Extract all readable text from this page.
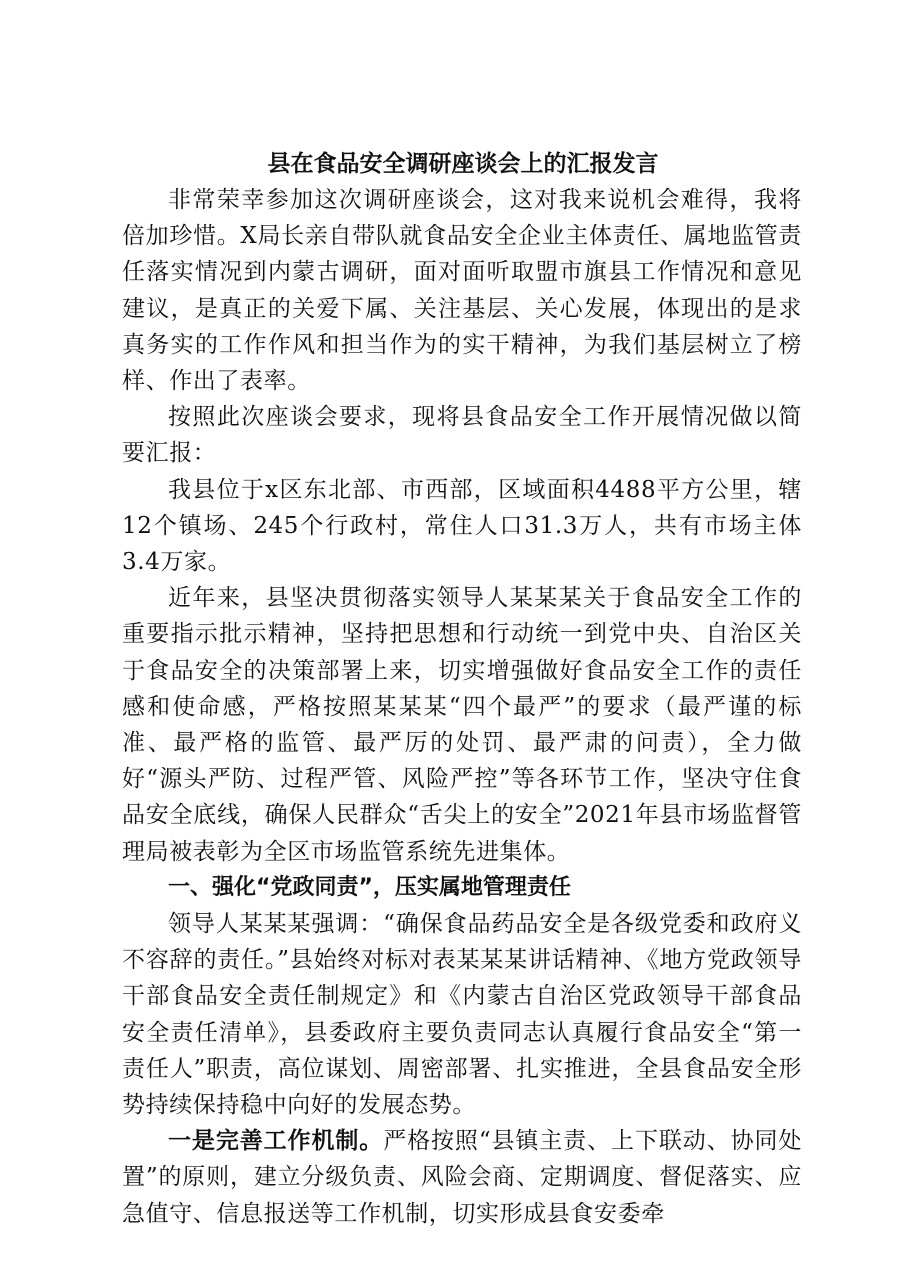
县在食品安全调研座谈会上的汇报发言

非常荣幸参加这次调研座谈会，这对我来说机会难得，我将倍加珍惜。X局长亲自带队就食品安全企业主体责任、属地监管责任落实情况到内蒙古调研，面对面听取盟市旗县工作情况和意见建议，是真正的关爱下属、关注基层、关心发展，体现出的是求真务实的工作作风和担当作为的实干精神，为我们基层树立了榜样、作出了表率。

按照此次座谈会要求，现将县食品安全工作开展情况做以简要汇报：

我县位于x区东北部、市西部，区域面积4488平方公里，辖12个镇场、245个行政村，常住人口31.3万人，共有市场主体3.4万家。

近年来，县坚决贯彻落实领导人某某某关于食品安全工作的重要指示批示精神，坚持把思想和行动统一到党中央、自治区关于食品安全的决策部署上来，切实增强做好食品安全工作的责任感和使命感，严格按照某某某“四个最严”的要求（最严谨的标准、最严格的监管、最严厉的处罚、最严肃的问责），全力做好“源头严防、过程严管、风险严控”等各环节工作，坚决守住食品安全底线，确保人民群众“舌尖上的安全”2021年县市场监督管理局被表彰为全区市场监管系统先进集体。

一、强化“党政同责”，压实属地管理责任

领导人某某某强调：“确保食品药品安全是各级党委和政府义不容辞的责任。”县始终对标对表某某某讲话精神、《地方党政领导干部食品安全责任制规定》和《内蒙古自治区党政领导干部食品安全责任清单》，县委政府主要负责同志认真履行食品安全“第一责任人”职责，高位谋划、周密部署、扎实推进，全县食品安全形势持续保持稳中向好的发展态势。

一是完善工作机制。严格按照“县镇主责、上下联动、协同处置”的原则，建立分级负责、风险会商、定期调度、督促落实、应急值守、信息报送等工作机制，切实形成县食安委牵
